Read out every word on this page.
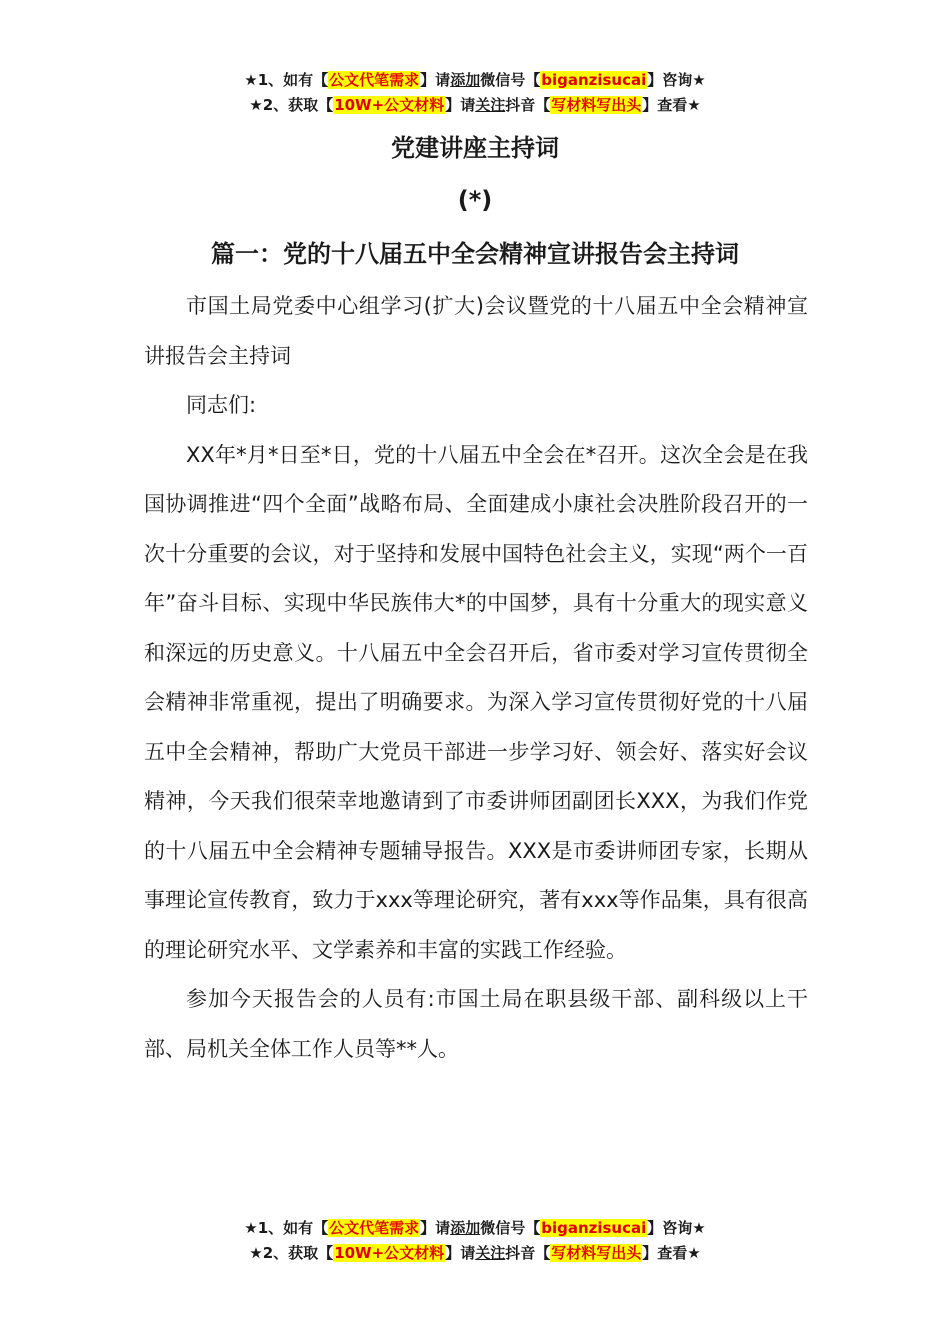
★1、如有【公文代笔需求】请添加微信号【biganzisucai】咨询★
★2、获取【10W+公文材料】请关注抖音【写材料写出头】查看★
党建讲座主持词
(*)
篇一：党的十八届五中全会精神宣讲报告会主持词

市国土局党委中心组学习(扩大)会议暨党的十八届五中全会精神宣讲报告会主持词

同志们:

XX年*月*日至*日，党的十八届五中全会在*召开。这次全会是在我国协调推进“四个全面”战略布局、全面建成小康社会决胜阶段召开的一次十分重要的会议，对于坚持和发展中国特色社会主义，实现“两个一百年”奋斗目标、实现中华民族伟大*的中国梦，具有十分重大的现实意义和深远的历史意义。十八届五中全会召开后，省市委对学习宣传贯彻全会精神非常重视，提出了明确要求。为深入学习宣传贯彻好党的十八届五中全会精神，帮助广大党员干部进一步学习好、领会好、落实好会议精神，今天我们很荣幸地邀请到了市委讲师团副团长XXX，为我们作党的十八届五中全会精神专题辅导报告。XXX是市委讲师团专家，长期从事理论宣传教育，致力于xxx等理论研究，著有xxx等作品集，具有很高的理论研究水平、文学素养和丰富的实践工作经验。

参加今天报告会的人员有:市国土局在职县级干部、副科级以上干部、局机关全体工作人员等**人。

★1、如有【公文代笔需求】请添加微信号【biganzisucai】咨询★
★2、获取【10W+公文材料】请关注抖音【写材料写出头】查看★
